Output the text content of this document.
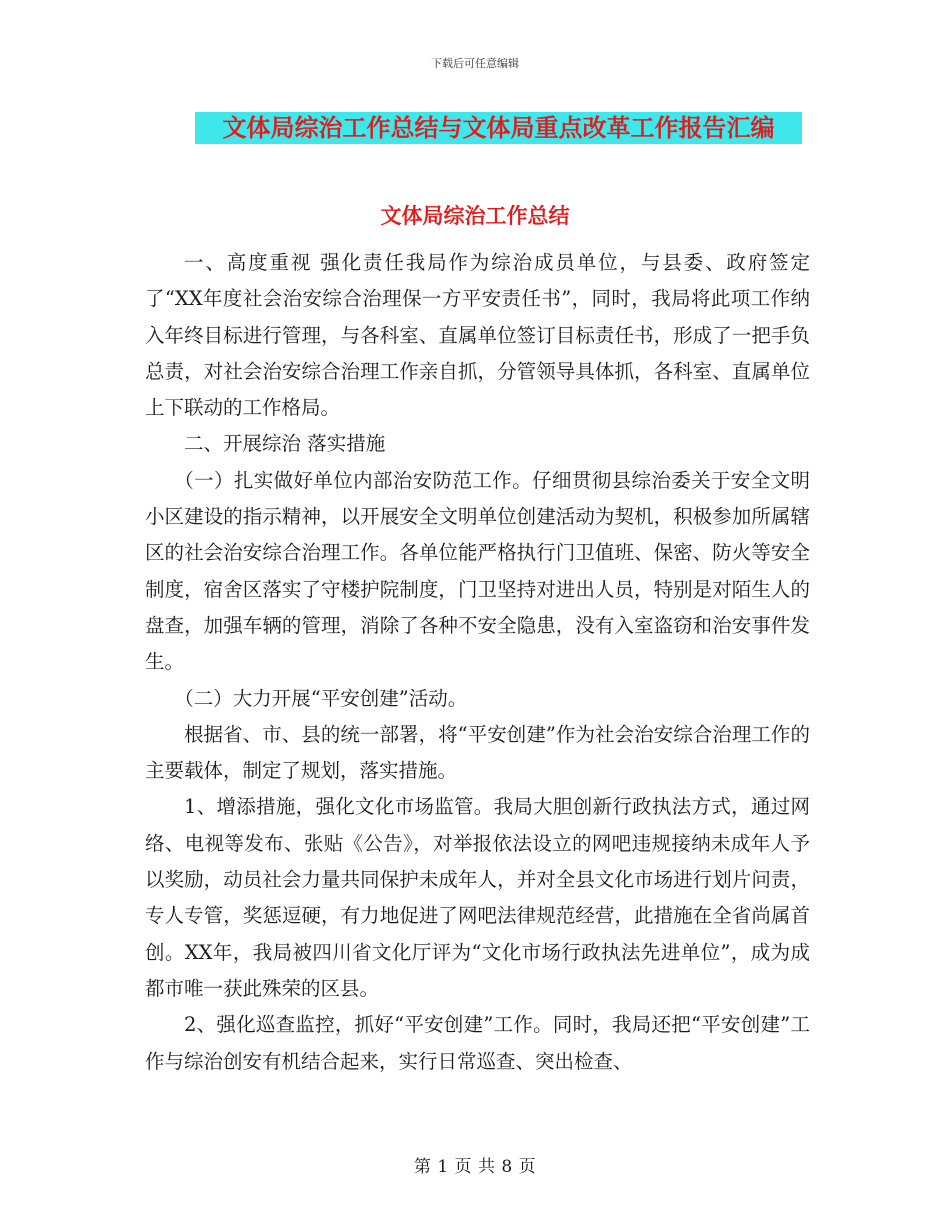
下载后可任意编辑
文体局综治工作总结与文体局重点改革工作报告汇编
文体局综治工作总结

一、高度重视 强化责任我局作为综治成员单位，与县委、政府签定了“XX年度社会治安综合治理保一方平安责任书”，同时，我局将此项工作纳入年终目标进行管理，与各科室、直属单位签订目标责任书，形成了一把手负总责，对社会治安综合治理工作亲自抓，分管领导具体抓，各科室、直属单位上下联动的工作格局。

二、开展综治 落实措施

（一）扎实做好单位内部治安防范工作。仔细贯彻县综治委关于安全文明小区建设的指示精神，以开展安全文明单位创建活动为契机，积极参加所属辖区的社会治安综合治理工作。各单位能严格执行门卫值班、保密、防火等安全制度，宿舍区落实了守楼护院制度，门卫坚持对进出人员，特别是对陌生人的盘查，加强车辆的管理，消除了各种不安全隐患，没有入室盗窃和治安事件发生。

（二）大力开展“平安创建”活动。

根据省、市、县的统一部署，将“平安创建”作为社会治安综合治理工作的主要载体，制定了规划，落实措施。

1、增添措施，强化文化市场监管。我局大胆创新行政执法方式，通过网络、电视等发布、张贴《公告》，对举报依法设立的网吧违规接纳未成年人予以奖励，动员社会力量共同保护未成年人，并对全县文化市场进行划片问责，专人专管，奖惩逗硬，有力地促进了网吧法律规范经营，此措施在全省尚属首创。XX年，我局被四川省文化厅评为“文化市场行政执法先进单位”，成为成都市唯一获此殊荣的区县。

2、强化巡查监控，抓好“平安创建”工作。同时，我局还把“平安创建”工作与综治创安有机结合起来，实行日常巡查、突出检查、

第 1 页 共 8 页
